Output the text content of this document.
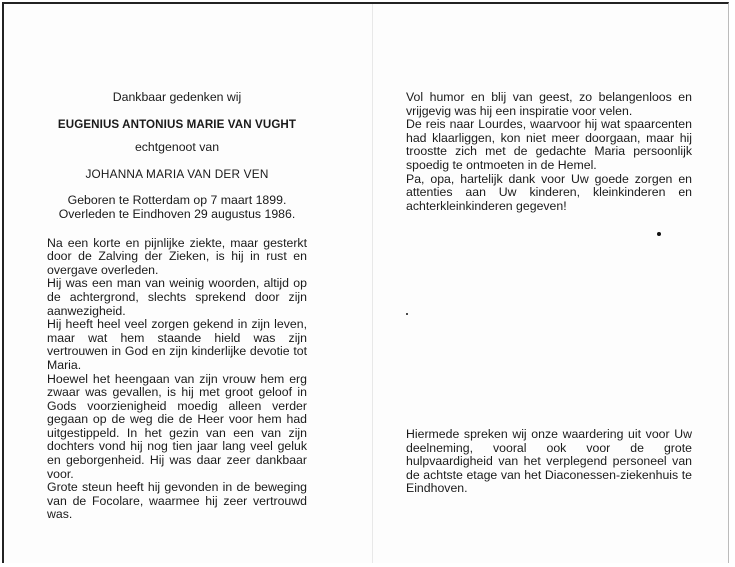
Dankbaar gedenken wij

EUGENIUS ANTONIUS MARIE VAN VUGHT

echtgenoot van

JOHANNA MARIA VAN DER VEN

Geboren te Rotterdam op 7 maart 1899.

Overleden te Eindhoven 29 augustus 1986.

Na een korte en pijnlijke ziekte, maar gesterkt door de Zalving der Zieken, is hij in rust en overgave overleden.

Hij was een man van weinig woorden, altijd op de achtergrond, slechts sprekend door zijn aanwezigheid.

Hij heeft heel veel zorgen gekend in zijn leven, maar wat hem staande hield was zijn vertrouwen in God en zijn kinderlijke devotie tot Maria.

Hoewel het heengaan van zijn vrouw hem erg zwaar was gevallen, is hij met groot geloof in Gods voorzienigheid moedig alleen verder gegaan op de weg die de Heer voor hem had uitgestippeld. In het gezin van een van zijn dochters vond hij nog tien jaar lang veel geluk en geborgenheid. Hij was daar zeer dankbaar voor.

Grote steun heeft hij gevonden in de beweging van de Focolare, waarmee hij zeer vertrouwd was.

Vol humor en blij van geest, zo belangenloos en vrijgevig was hij een inspiratie voor velen.

De reis naar Lourdes, waarvoor hij wat spaarcenten had klaarliggen, kon niet meer doorgaan, maar hij troostte zich met de gedachte Maria persoonlijk spoedig te ontmoeten in de Hemel.

Pa, opa, hartelijk dank voor Uw goede zorgen en attenties aan Uw kinderen, kleinkinderen en achterkleinkinderen gegeven!

Hiermede spreken wij onze waardering uit voor Uw deelneming, vooral ook voor de grote hulpvaardigheid van het verplegend personeel van de achtste etage van het Diaconessen-ziekenhuis te Eindhoven.
